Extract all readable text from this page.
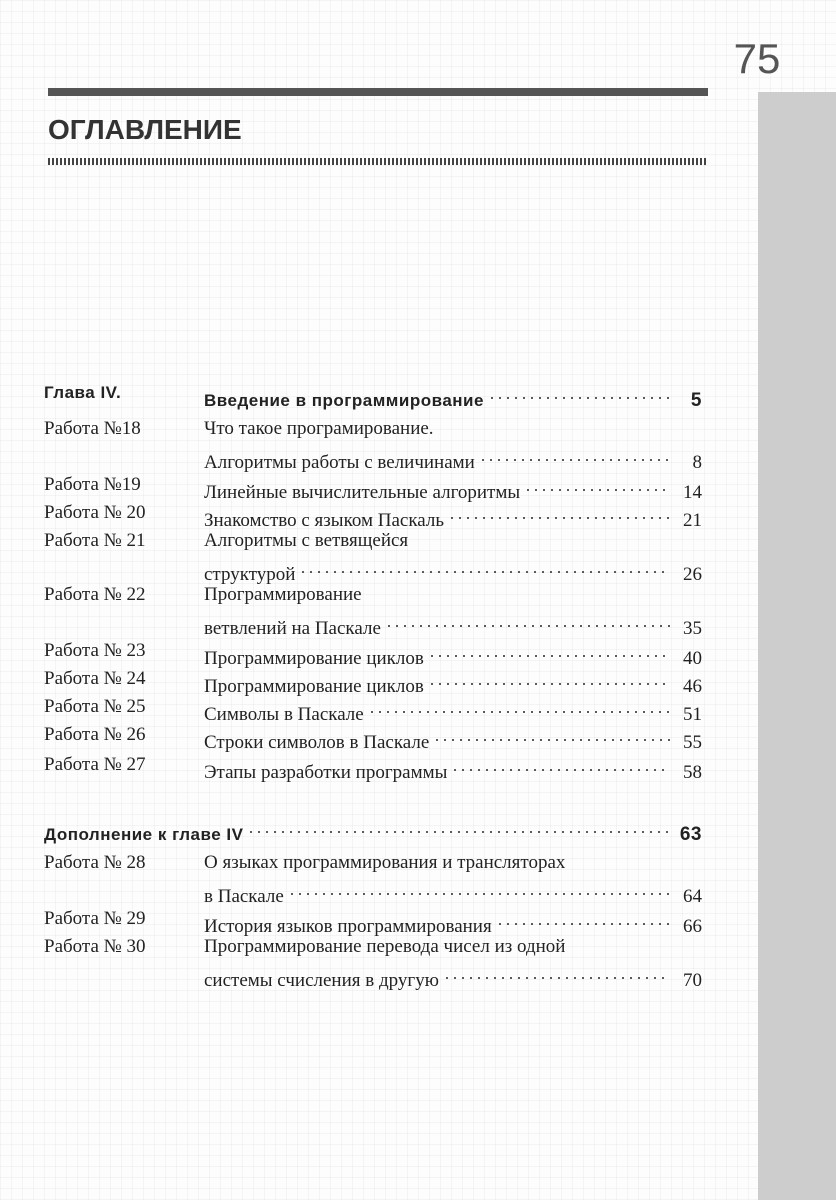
75
ОГЛАВЛЕНИЕ
Глава IV.	Введение в программирование	5
Работа №18	Что такое програмирование.
Алгоритмы работы с величинами	8
Работа №19	Линейные вычислительные алгоритмы	14
Работа № 20	Знакомство с языком Паскаль	21
Работа № 21	Алгоритмы с ветвящейся
структурой	26
Работа № 22	Программирование
ветвлений на Паскале	35
Работа № 23	Программирование циклов	40
Работа № 24	Программирование циклов	46
Работа № 25	Символы в Паскале	51
Работа № 26	Строки символов в Паскале	55
Работа № 27	Этапы разработки программы	58
Дополнение к главе IV	63
Работа № 28	О языках программирования и трансляторах
в Паскале	64
Работа № 29	История языков программирования	66
Работа № 30	Программирование перевода чисел из одной
системы счисления в другую	70
